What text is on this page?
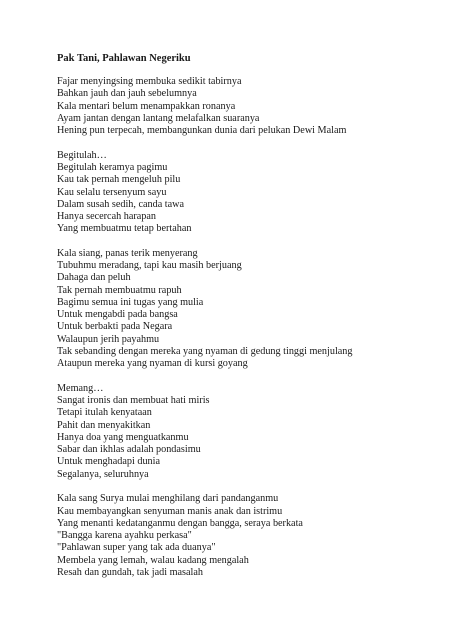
Pak Tani, Pahlawan Negeriku
Fajar menyingsing membuka sedikit tabirnya
Bahkan jauh dan jauh sebelumnya
Kala mentari belum menampakkan ronanya
Ayam jantan dengan lantang melafalkan suaranya
Hening pun terpecah, membangunkan dunia dari pelukan Dewi Malam
Begitulah…
Begitulah keramya pagimu
Kau tak pernah mengeluh pilu
Kau selalu tersenyum sayu
Dalam susah sedih, canda tawa
Hanya secercah harapan
Yang membuatmu tetap bertahan
Kala siang, panas terik menyerang
Tubuhmu meradang, tapi kau masih berjuang
Dahaga dan peluh
Tak pernah membuatmu rapuh
Bagimu semua ini tugas yang mulia
Untuk mengabdi pada bangsa
Untuk berbakti pada Negara
Walaupun jerih payahmu
Tak sebanding dengan mereka yang nyaman di gedung tinggi menjulang
Ataupun mereka yang nyaman di kursi goyang
Memang…
Sangat ironis dan membuat hati miris
Tetapi itulah kenyataan
Pahit dan menyakitkan
Hanya doa yang menguatkanmu
Sabar dan ikhlas adalah pondasimu
Untuk menghadapi dunia
Segalanya, seluruhnya
Kala sang Surya mulai menghilang dari pandanganmu
Kau membayangkan senyuman manis anak dan istrimu
Yang menanti kedatanganmu dengan bangga, seraya berkata
"Bangga karena ayahku perkasa"
"Pahlawan super yang tak ada duanya"
Membela yang lemah, walau kadang mengalah
Resah dan gundah, tak jadi masalah
